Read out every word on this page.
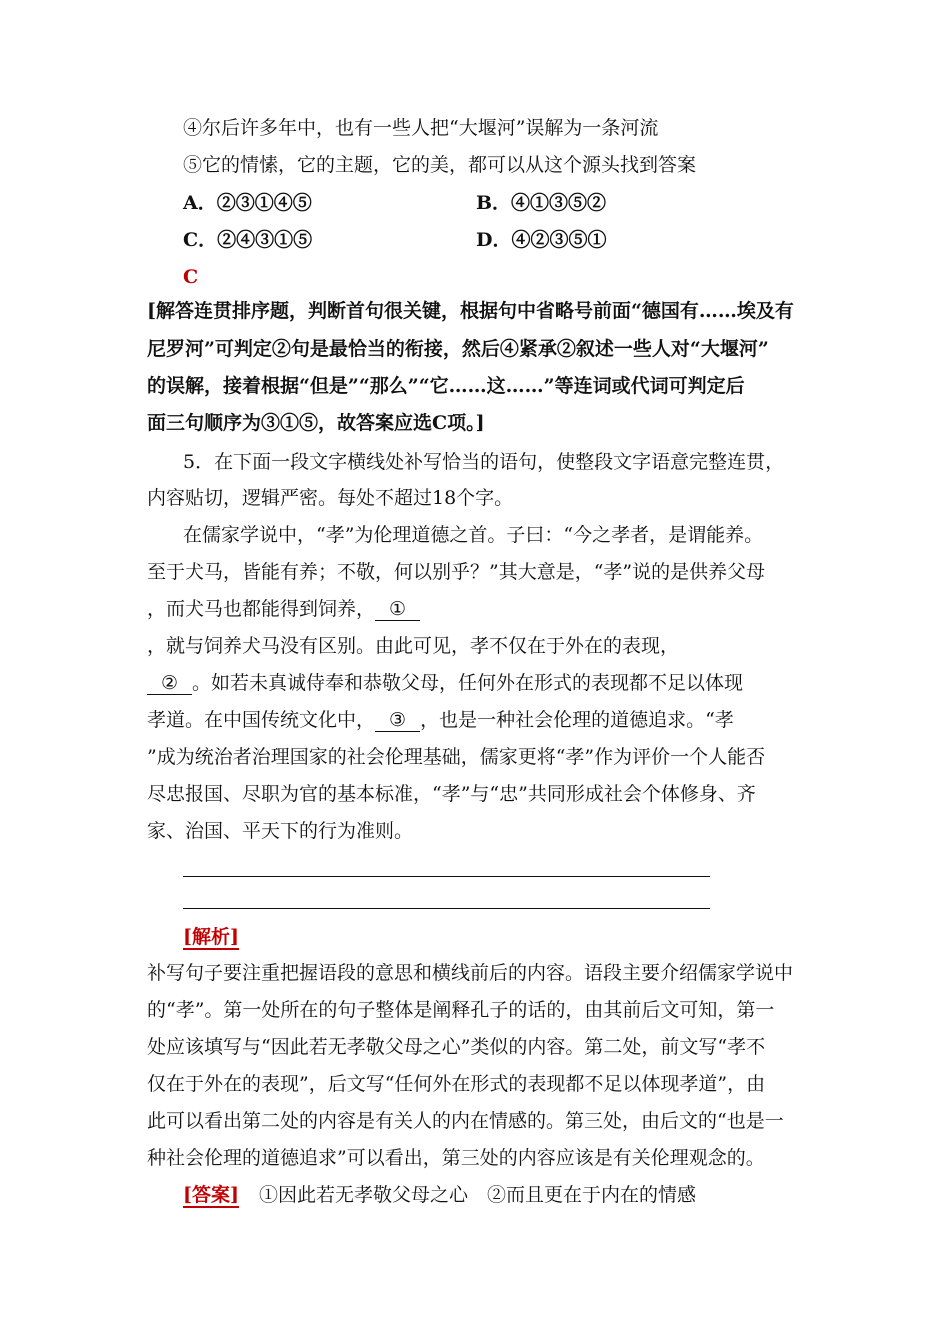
④尔后许多年中，也有一些人把“大堰河”误解为一条河流
⑤它的情愫，它的主题，它的美，都可以从这个源头找到答案
A．②③①④⑤	B．④①③⑤②
C．②④③①⑤	D．④②③⑤①
C
[解答连贯排序题，判断首句很关键，根据句中省略号前面“德国有……埃及有
尼罗河”可判定②句是最恰当的衔接，然后④紧承②叙述一些人对“大堰河”
的误解，接着根据“但是”“那么”“它……这……”等连词或代词可判定后
面三句顺序为③①⑤，故答案应选C项。]
5．在下面一段文字横线处补写恰当的语句，使整段文字语意完整连贯，
内容贴切，逻辑严密。每处不超过18个字。
在儒家学说中，“孝”为伦理道德之首。子曰：“今之孝者，是谓能养。
至于犬马，皆能有养；不敬，何以别乎？”其大意是，“孝”说的是供养父母
，而犬马也都能得到饲养， ①
，就与饲养犬马没有区别。由此可见，孝不仅在于外在的表现，
② 。如若未真诚侍奉和恭敬父母，任何外在形式的表现都不足以体现
孝道。在中国传统文化中， ③ ，也是一种社会伦理的道德追求。“孝
”成为统治者治理国家的社会伦理基础，儒家更将“孝”作为评价一个人能否
尽忠报国、尽职为官的基本标准，“孝”与“忠”共同形成社会个体修身、齐
家、治国、平天下的行为准则。
[解析]
补写句子要注重把握语段的意思和横线前后的内容。语段主要介绍儒家学说中
的“孝”。第一处所在的句子整体是阐释孔子的话的，由其前后文可知，第一
处应该填写与“因此若无孝敬父母之心”类似的内容。第二处，前文写“孝不
仅在于外在的表现”，后文写“任何外在形式的表现都不足以体现孝道”，由
此可以看出第二处的内容是有关人的内在情感的。第三处，由后文的“也是一
种社会伦理的道德追求”可以看出，第三处的内容应该是有关伦理观念的。
[答案] ①因此若无孝敬父母之心　②而且更在于内在的情感
